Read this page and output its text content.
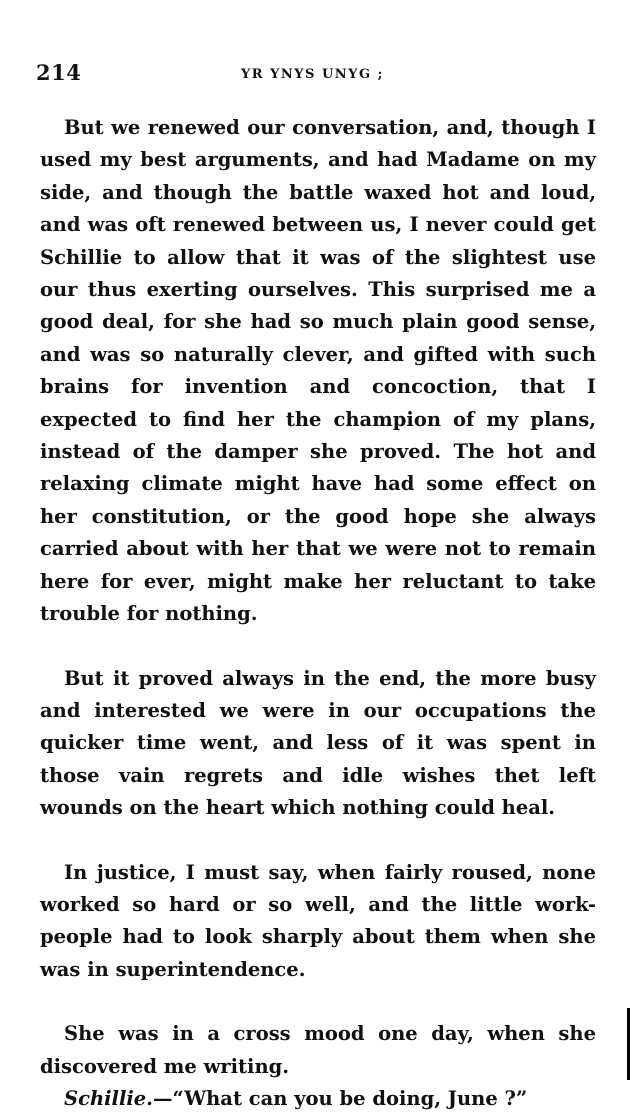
214	YR YNYS UNYG ;

But we renewed our conversation, and, though I used my best arguments, and had Madame on my side, and though the battle waxed hot and loud, and was oft renewed between us, I never could get Schillie to allow that it was of the slightest use our thus exerting ourselves. This surprised me a good deal, for she had so much plain good sense, and was so naturally clever, and gifted with such brains for invention and concoction, that I expected to find her the champion of my plans, instead of the damper she proved. The hot and relaxing climate might have had some effect on her constitution, or the good hope she always carried about with her that we were not to remain here for ever, might make her reluctant to take trouble for nothing.

But it proved always in the end, the more busy and interested we were in our occupations the quicker time went, and less of it was spent in those vain regrets and idle wishes thet left wounds on the heart which nothing could heal.

In justice, I must say, when fairly roused, none worked so hard or so well, and the little work-people had to look sharply about them when she was in superintendence.

She was in a cross mood one day, when she discovered me writing.

Schillie.—“What can you be doing, June ?”
